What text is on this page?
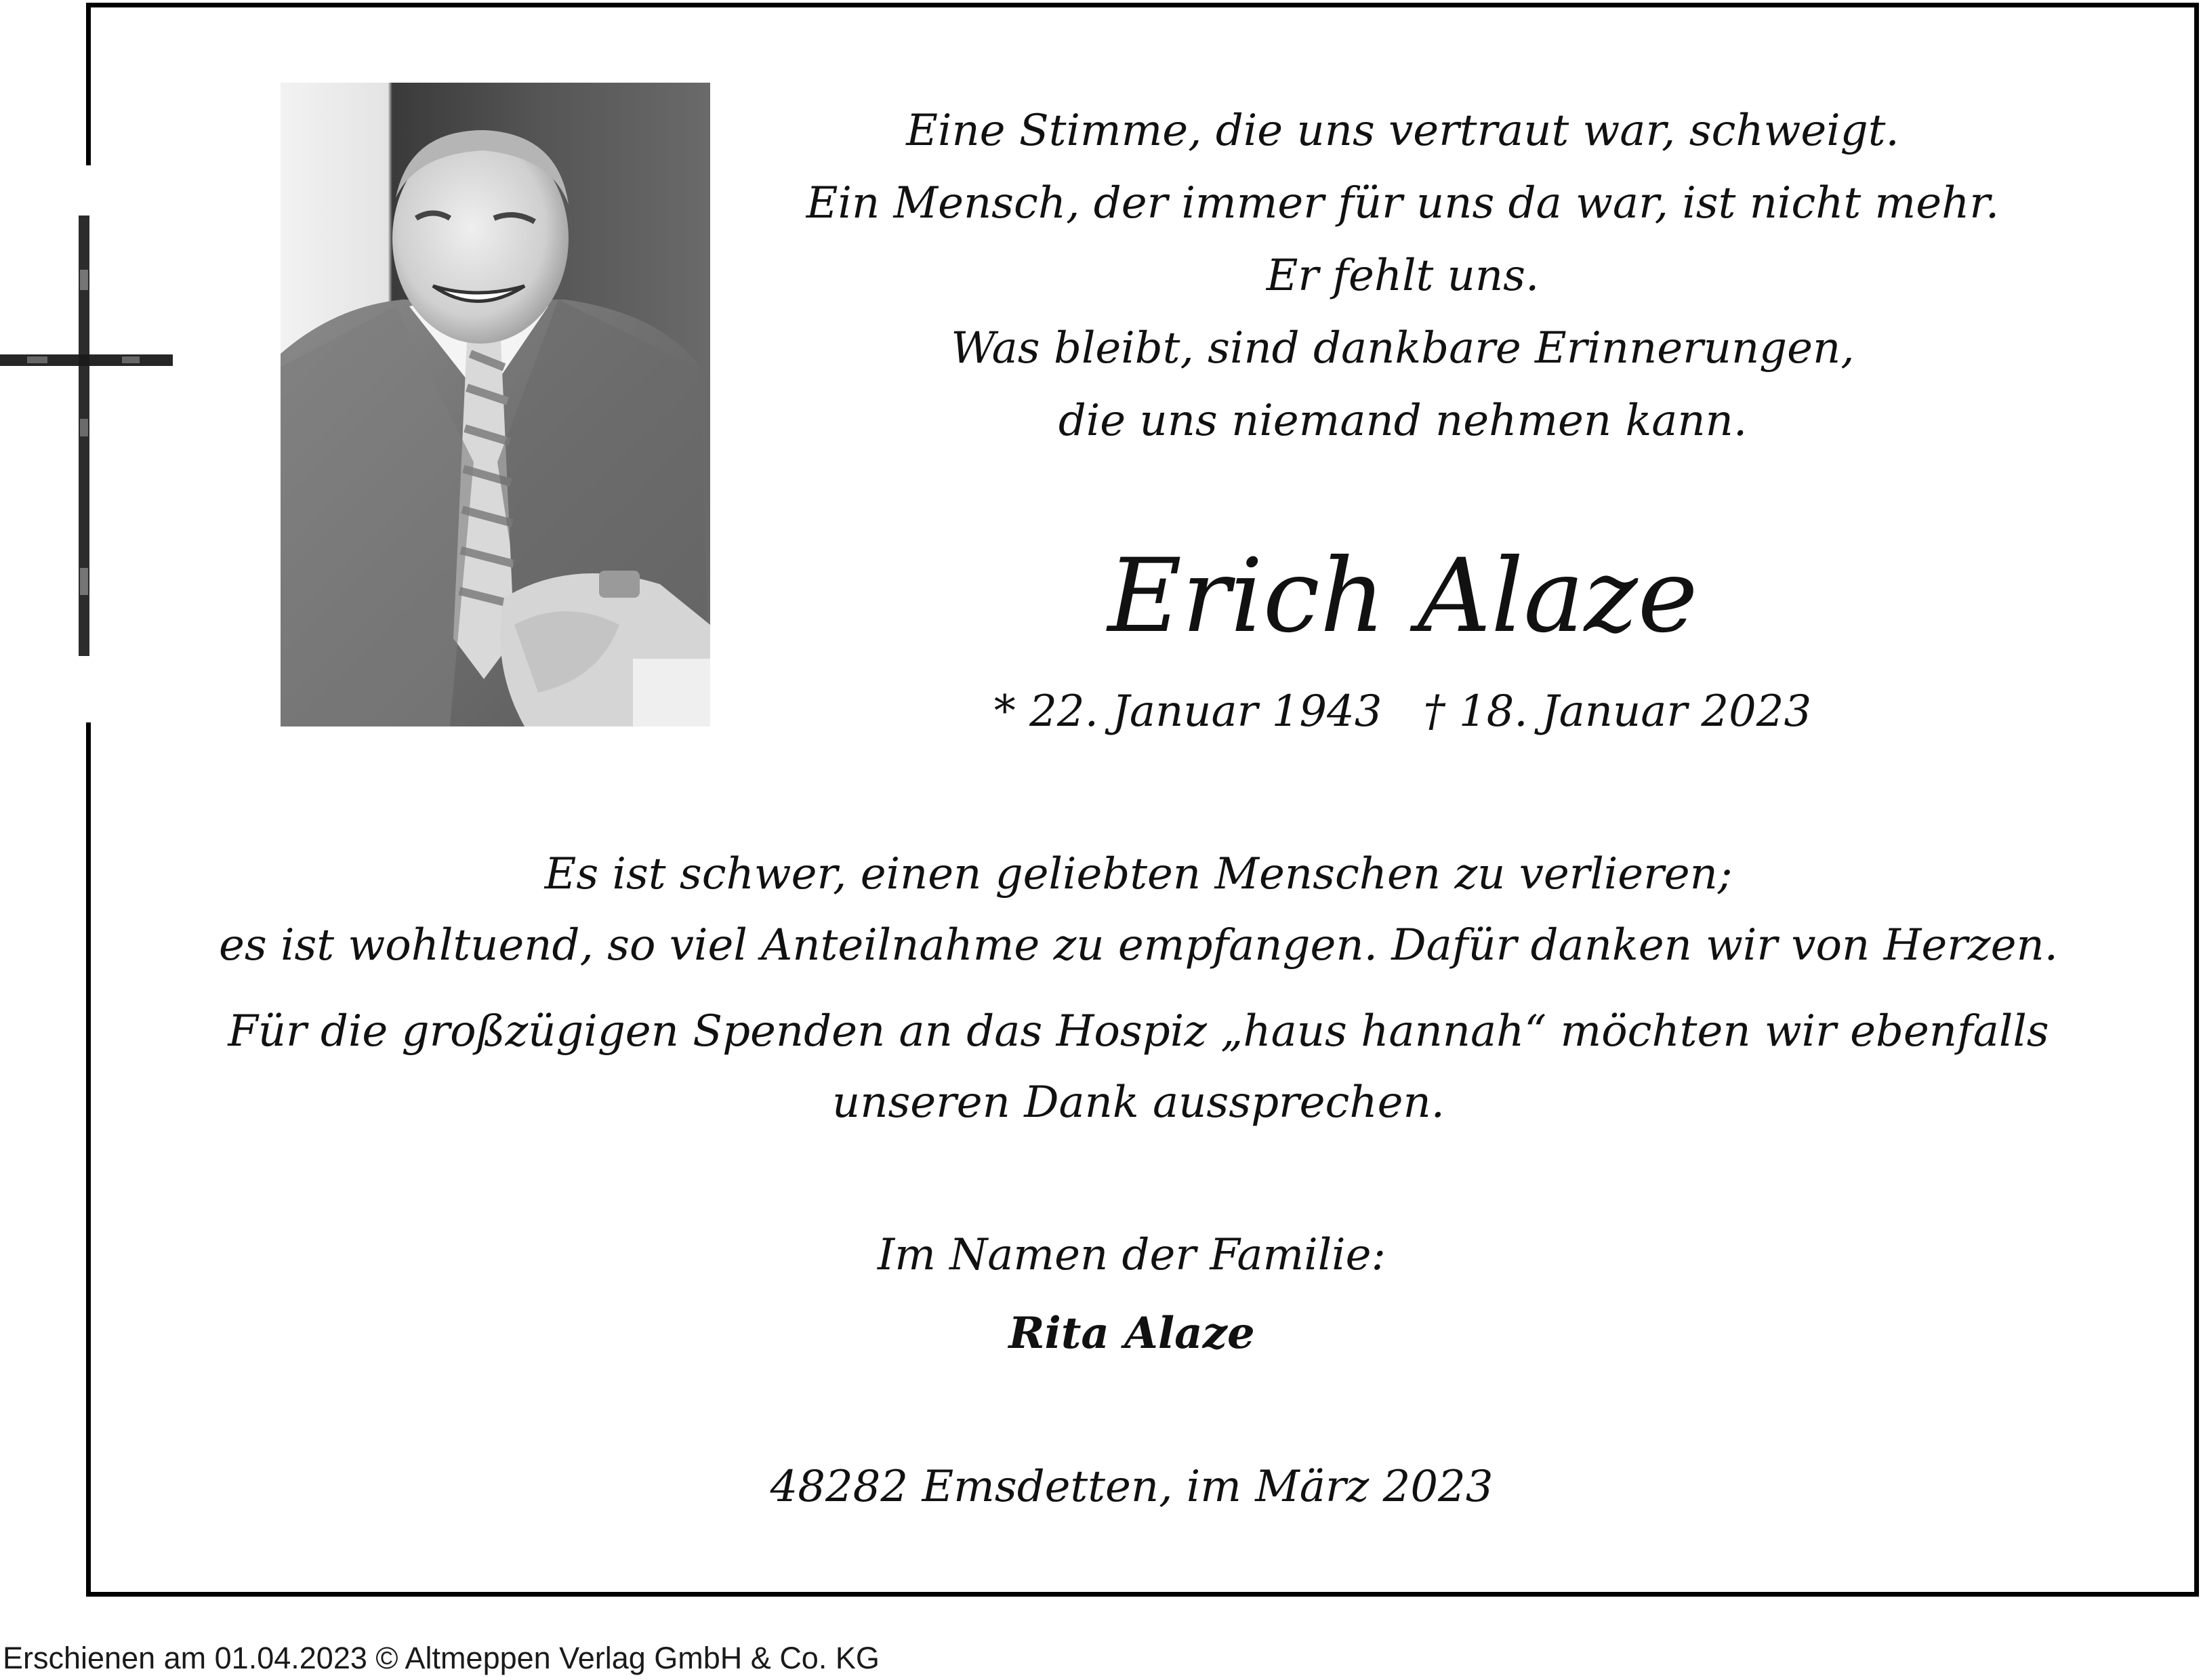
Eine Stimme, die uns vertraut war, schweigt.
Ein Mensch, der immer für uns da war, ist nicht mehr.
Er fehlt uns.
Was bleibt, sind dankbare Erinnerungen,
die uns niemand nehmen kann.
Erich Alaze
* 22. Januar 1943   † 18. Januar 2023
Es ist schwer, einen geliebten Menschen zu verlieren;
es ist wohltuend, so viel Anteilnahme zu empfangen. Dafür danken wir von Herzen.
Für die großzügigen Spenden an das Hospiz „haus hannah“ möchten wir ebenfalls
unseren Dank aussprechen.
Im Namen der Familie:
Rita Alaze
48282 Emsdetten, im März 2023
Erschienen am 01.04.2023 © Altmeppen Verlag GmbH & Co. KG
